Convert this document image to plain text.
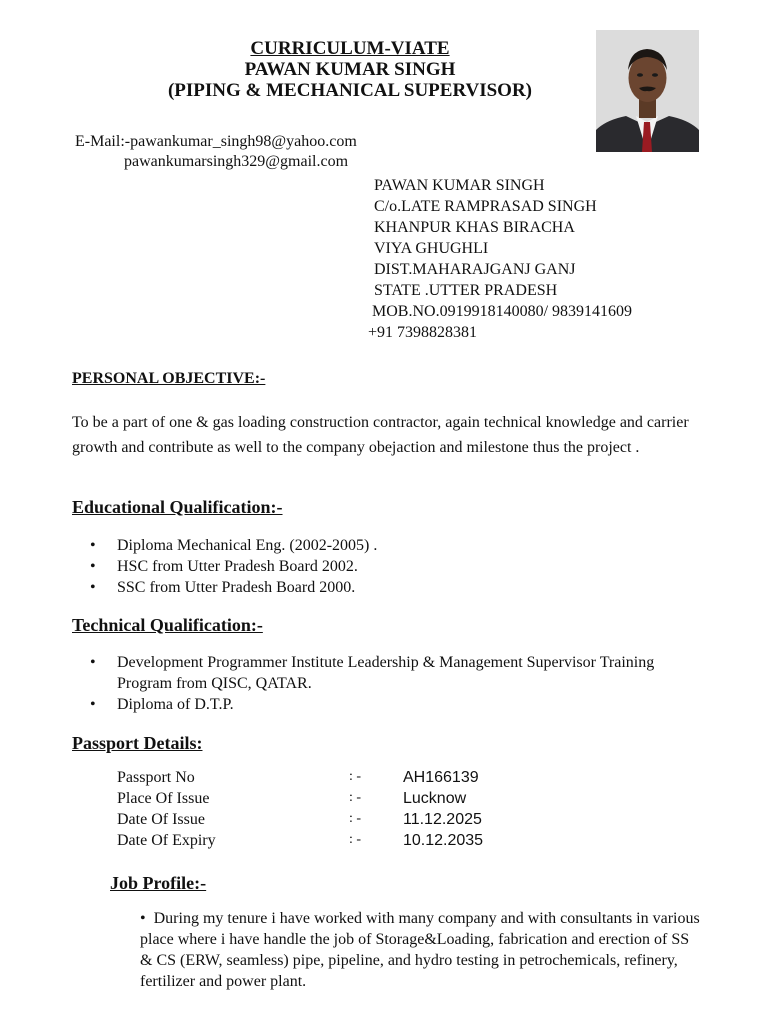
CURRICULUM-VIATE
PAWAN KUMAR SINGH
(PIPING & MECHANICAL SUPERVISOR)
E-Mail:-pawankumar_singh98@yahoo.com
pawankumarsingh329@gmail.com
PAWAN KUMAR SINGH
C/o.LATE RAMPRASAD SINGH
KHANPUR KHAS BIRACHA
VIYA GHUGHLI
DIST.MAHARAJGANJ GANJ
STATE .UTTER PRADESH
MOB.NO.0919918140080/ 9839141609
+91 7398828381
PERSONAL OBJECTIVE:-
To be a part of one & gas loading construction contractor, again technical knowledge and carrier growth and contribute as well to the company obejaction and milestone thus the project .
Educational Qualification:-
• Diploma Mechanical Eng. (2002-2005) .
• HSC from Utter Pradesh Board 2002.
• SSC from Utter Pradesh Board 2000.
Technical Qualification:-
• Development Programmer Institute Leadership & Management Supervisor Training Program from QISC, QATAR.
• Diploma of D.T.P.
Passport Details:
Passport No	: -	AH166139
Place Of Issue	: -	Lucknow
Date Of Issue	: -	11.12.2025
Date Of Expiry	: -	10.12.2035
Job Profile:-
•  During my tenure i have worked with many company and with consultants in various place where i have handle the job of Storage&Loading, fabrication and erection of SS & CS (ERW, seamless) pipe, pipeline, and hydro testing in petrochemicals, refinery, fertilizer and power plant.
